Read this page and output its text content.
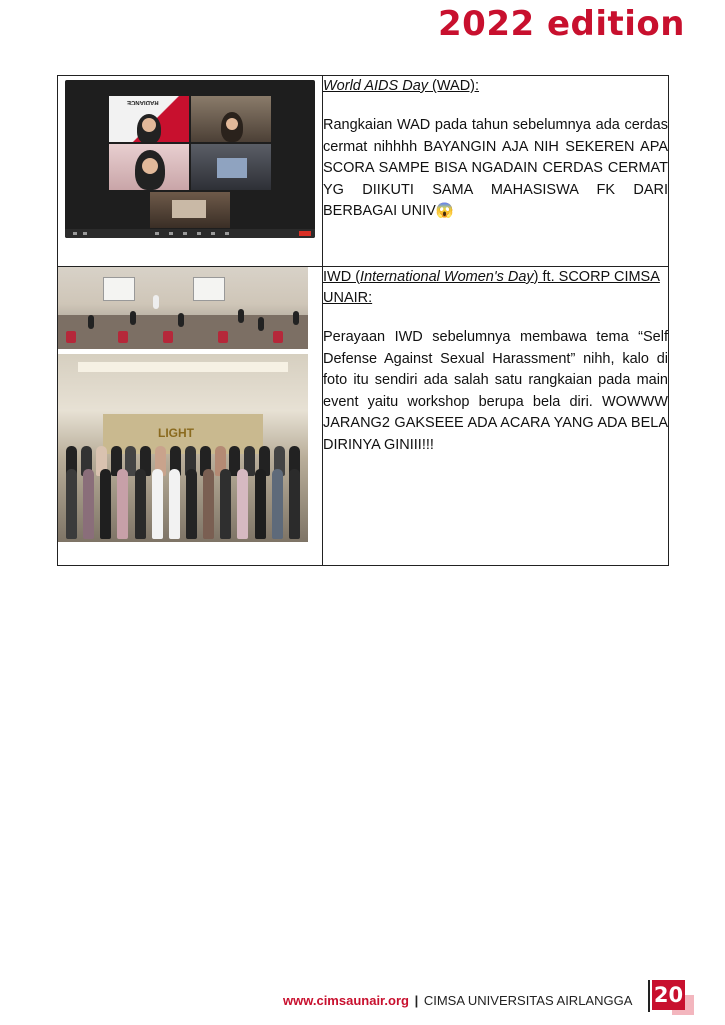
2022 edition
RADIANCE	World AIDS Day (WAD):

Rangkaian WAD pada tahun sebelumnya ada cerdas cermat nihhhh BAYANGIN AJA NIH SEKEREN APA SCORA SAMPE BISA NGADAIN CERDAS CERMAT YG DIIKUTI SAMA MAHASISWA FK DARI BERBAGAI UNIV😱

LIGHT	IWD (International Women's Day) ft. SCORP CIMSA UNAIR:

Perayaan IWD sebelumnya membawa tema “Self Defense Against Sexual Harassment” nihh, kalo di foto itu sendiri ada salah satu rangkaian pada main event yaitu workshop berupa bela diri. WOWWW JARANG2 GAKSEEE ADA ACARA YANG ADA BELA DIRINYA GINIII!!!

www.cimsaunair.org | CIMSA UNIVERSITAS AIRLANGGA 20
